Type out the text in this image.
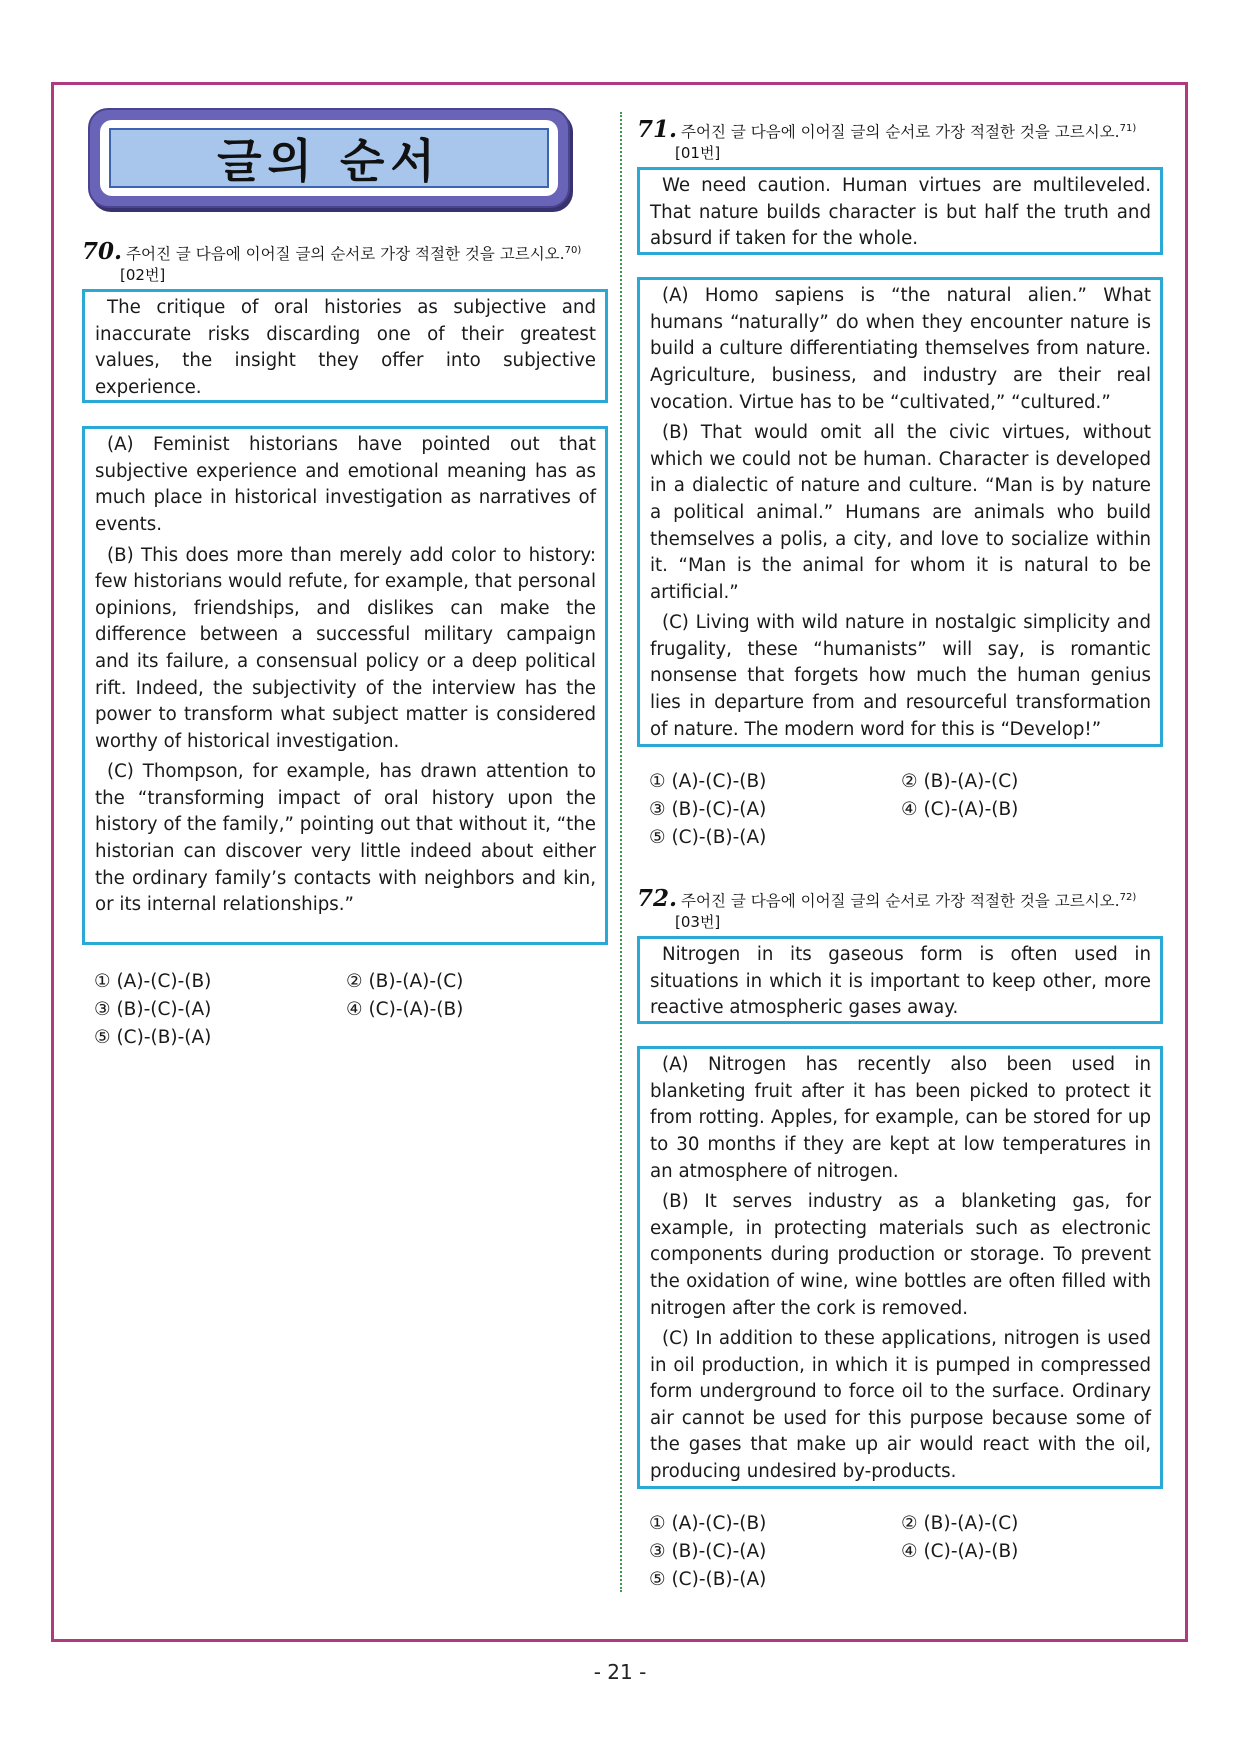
글의 순서
70. 주어진 글 다음에 이어질 글의 순서로 가장 적절한 것을 고르시오.$^{70)}$
[02번]

The critique of oral histories as subjective and inaccurate risks discarding one of their greatest values, the insight they offer into subjective experience.

(A) Feminist historians have pointed out that subjective experience and emotional meaning has as much place in historical investigation as narratives of events.

(B) This does more than merely add color to history: few historians would refute, for example, that personal opinions, friendships, and dislikes can make the difference between a successful military campaign and its failure, a consensual policy or a deep political rift. Indeed, the subjectivity of the interview has the power to transform what subject matter is considered worthy of historical investigation.

(C) Thompson, for example, has drawn attention to the “transforming impact of oral history upon the history of the family,” pointing out that without it, “the historian can discover very little indeed about either the ordinary family’s contacts with neighbors and kin, or its internal relationships.”

① (A)-(C)-(B)	② (B)-(A)-(C)
③ (B)-(C)-(A)	④ (C)-(A)-(B)
⑤ (C)-(B)-(A)
71. 주어진 글 다음에 이어질 글의 순서로 가장 적절한 것을 고르시오.$^{71)}$
[01번]

We need caution. Human virtues are multileveled. That nature builds character is but half the truth and absurd if taken for the whole.

(A) Homo sapiens is “the natural alien.” What humans “naturally” do when they encounter nature is build a culture differentiating themselves from nature. Agriculture, business, and industry are their real vocation. Virtue has to be “cultivated,” “cultured.”

(B) That would omit all the civic virtues, without which we could not be human. Character is developed in a dialectic of nature and culture. “Man is by nature a political animal.” Humans are animals who build themselves a polis, a city, and love to socialize within it. “Man is the animal for whom it is natural to be artificial.”

(C) Living with wild nature in nostalgic simplicity and frugality, these “humanists” will say, is romantic nonsense that forgets how much the human genius lies in departure from and resourceful transformation of nature. The modern word for this is “Develop!”

① (A)-(C)-(B)	② (B)-(A)-(C)
③ (B)-(C)-(A)	④ (C)-(A)-(B)
⑤ (C)-(B)-(A)
72. 주어진 글 다음에 이어질 글의 순서로 가장 적절한 것을 고르시오.$^{72)}$
[03번]

Nitrogen in its gaseous form is often used in situations in which it is important to keep other, more reactive atmospheric gases away.

(A) Nitrogen has recently also been used in blanketing fruit after it has been picked to protect it from rotting. Apples, for example, can be stored for up to 30 months if they are kept at low temperatures in an atmosphere of nitrogen.

(B) It serves industry as a blanketing gas, for example, in protecting materials such as electronic components during production or storage. To prevent the oxidation of wine, wine bottles are often filled with nitrogen after the cork is removed.

(C) In addition to these applications, nitrogen is used in oil production, in which it is pumped in compressed form underground to force oil to the surface. Ordinary air cannot be used for this purpose because some of the gases that make up air would react with the oil, producing undesired by-products.

① (A)-(C)-(B)	② (B)-(A)-(C)
③ (B)-(C)-(A)	④ (C)-(A)-(B)
⑤ (C)-(B)-(A)
- 21 -
